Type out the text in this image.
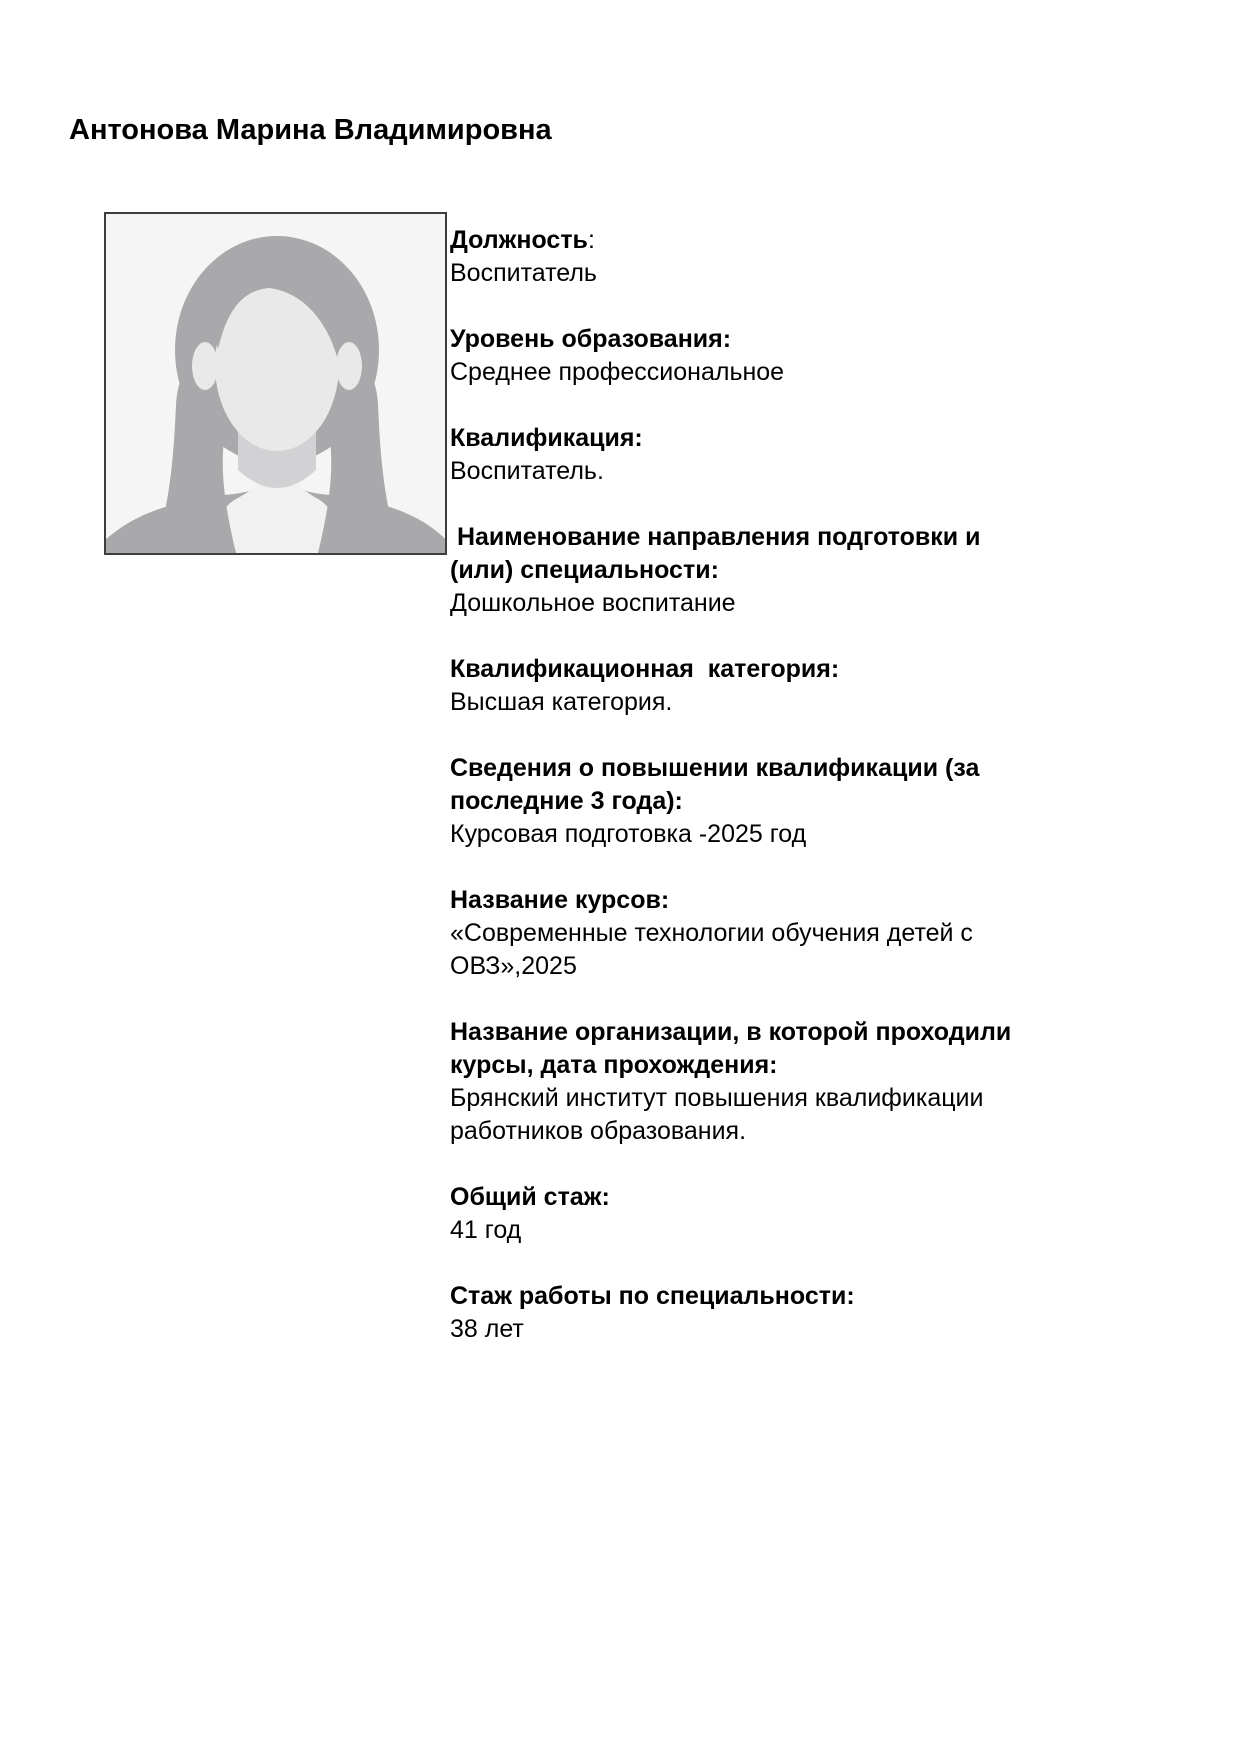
Антонова Марина Владимировна
Должность:
Воспитатель
Уровень образования:
Среднее профессиональное
Квалификация:
Воспитатель.
Наименование направления подготовки и (или) специальности:
Дошкольное воспитание
Квалификационная  категория:
Высшая категория.
Сведения о повышении квалификации (за последние 3 года):
Курсовая подготовка -2025 год
Название курсов:
«Современные технологии обучения детей с ОВЗ»,2025
Название организации, в которой проходили курсы, дата прохождения:
Брянский институт повышения квалификации работников образования.
Общий стаж:
41 год
Стаж работы по специальности:
38 лет
